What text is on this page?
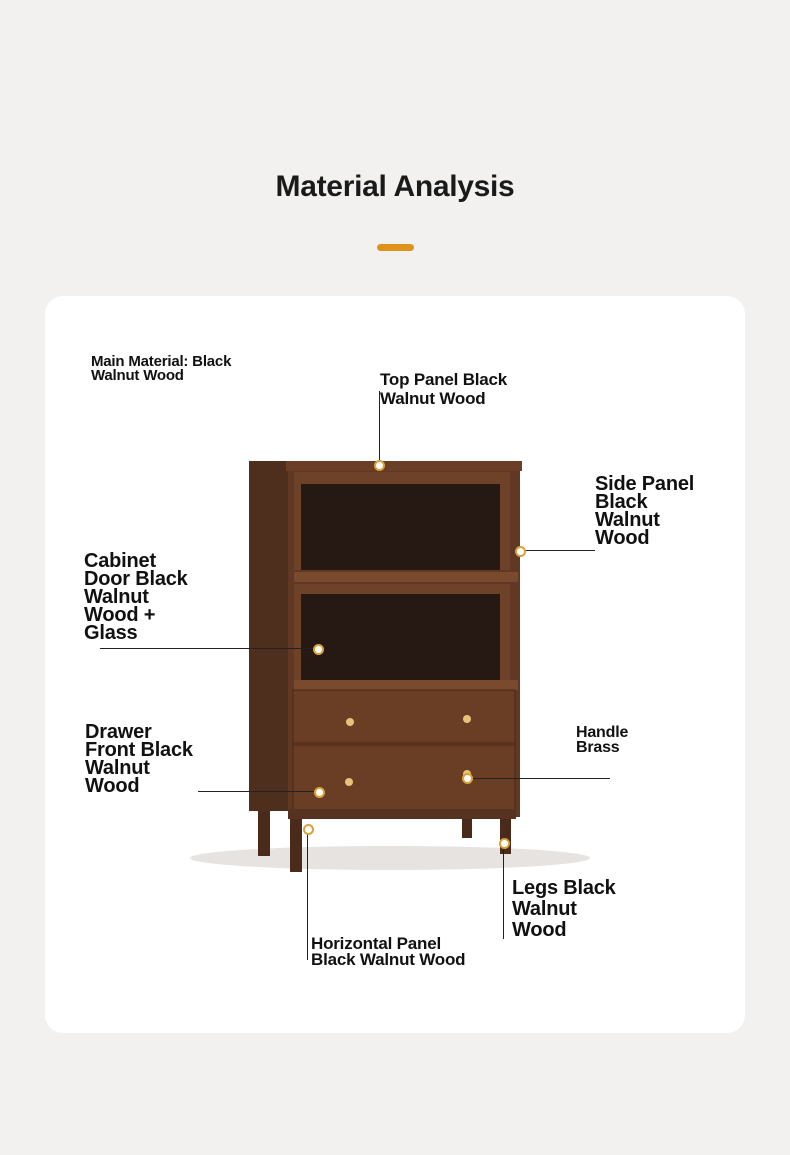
Material Analysis
Main Material: Black
Walnut Wood	Top Panel Black
Walnut Wood
Side Panel
Black
Walnut
Wood
Cabinet
Door Black
Walnut
Wood +
Glass
Drawer
Front Black
Walnut
Wood
Handle
Brass
Legs Black
Walnut
Wood
Horizontal Panel
Black Walnut Wood
